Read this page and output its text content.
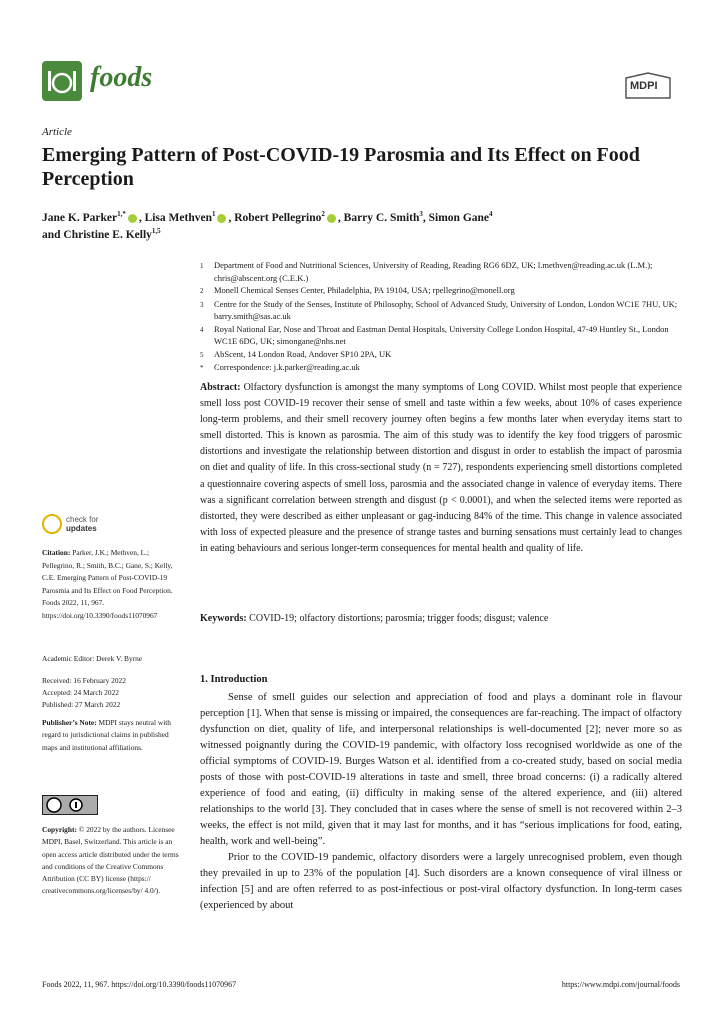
foods	MDPI
Article
Emerging Pattern of Post-COVID-19 Parosmia and Its Effect on Food Perception
Jane K. Parker$^{1,*}$ , Lisa Methven$^1$ , Robert Pellegrino$^2$ , Barry C. Smith$^3$, Simon Gane$^4$
and Christine E. Kelly$^{1,5}$
1	Department of Food and Nutritional Sciences, University of Reading, Reading RG6 6DZ, UK; l.methven@reading.ac.uk (L.M.); chris@abscent.org (C.E.K.)
2	Monell Chemical Senses Center, Philadelphia, PA 19104, USA; rpellegrino@monell.org
3	Centre for the Study of the Senses, Institute of Philosophy, School of Advanced Study, University of London, London WC1E 7HU, UK; barry.smith@sas.ac.uk
4	Royal National Ear, Nose and Throat and Eastman Dental Hospitals, University College London Hospital, 47-49 Huntley St., London WC1E 6DG, UK; simongane@nhs.net
5	AbScent, 14 London Road, Andover SP10 2PA, UK
*	Correspondence: j.k.parker@reading.ac.uk
Abstract: Olfactory dysfunction is amongst the many symptoms of Long COVID. Whilst most people that experience smell loss post COVID-19 recover their sense of smell and taste within a few weeks, about 10% of cases experience long-term problems, and their smell recovery journey often begins a few months later when everyday items start to smell distorted. This is known as parosmia. The aim of this study was to identify the key food triggers of parosmic distortions and investigate the relationship between distortion and disgust in order to establish the impact of parosmia on diet and quality of life. In this cross-sectional study (n = 727), respondents experiencing smell distortions completed a questionnaire covering aspects of smell loss, parosmia and the associated change in valence of everyday items. There was a significant correlation between strength and disgust (p < 0.0001), and when the selected items were reported as distorted, they were described as either unpleasant or gag-inducing 84% of the time. This change in valence associated with loss of expected pleasure and the presence of strange tastes and burning sensations must certainly lead to changes in eating behaviours and serious longer-term consequences for mental health and quality of life.
Keywords: COVID-19; olfactory distortions; parosmia; trigger foods; disgust; valence
check for
updates
Citation: Parker, J.K.; Methven, L.; Pellegrino, R.; Smith, B.C.; Gane, S.; Kelly, C.E. Emerging Pattern of Post-COVID-19 Parosmia and Its Effect on Food Perception. Foods 2022, 11, 967. https://doi.org/10.3390/foods11070967
Academic Editor: Derek V. Byrne
Received: 16 February 2022
Accepted: 24 March 2022
Published: 27 March 2022
Publisher’s Note: MDPI stays neutral with regard to jurisdictional claims in published maps and institutional affiliations.
Copyright: © 2022 by the authors. Licensee MDPI, Basel, Switzerland. This article is an open access article distributed under the terms and conditions of the Creative Commons Attribution (CC BY) license (https:// creativecommons.org/licenses/by/ 4.0/).
1. Introduction

Sense of smell guides our selection and appreciation of food and plays a dominant role in flavour perception [1]. When that sense is missing or impaired, the consequences are far-reaching. The impact of olfactory dysfunction on diet, quality of life, and interpersonal relationships is well-documented [2]; never more so as witnessed poignantly during the COVID-19 pandemic, with olfactory loss recognised worldwide as one of the official symptoms of COVID-19. Burges Watson et al. identified from a co-created study, based on social media posts of those with post-COVID-19 alterations in taste and smell, three broad concerns: (i) a radically altered experience of food and eating, (ii) difficulty in making sense of the altered experience, and (iii) altered relationships to the world [3]. They concluded that in cases where the sense of smell is not recovered within 2–3 weeks, the effect is not mild, given that it may last for months, and it has “serious implications for food, eating, health, work and well-being”.

Prior to the COVID-19 pandemic, olfactory disorders were a largely unrecognised problem, even though they prevailed in up to 23% of the population [4]. Such disorders are a known consequence of viral illness or infection [5] and are often referred to as post-infectious or post-viral olfactory dysfunction. In long-term cases (experienced by about

Foods 2022, 11, 967. https://doi.org/10.3390/foods11070967	https://www.mdpi.com/journal/foods
